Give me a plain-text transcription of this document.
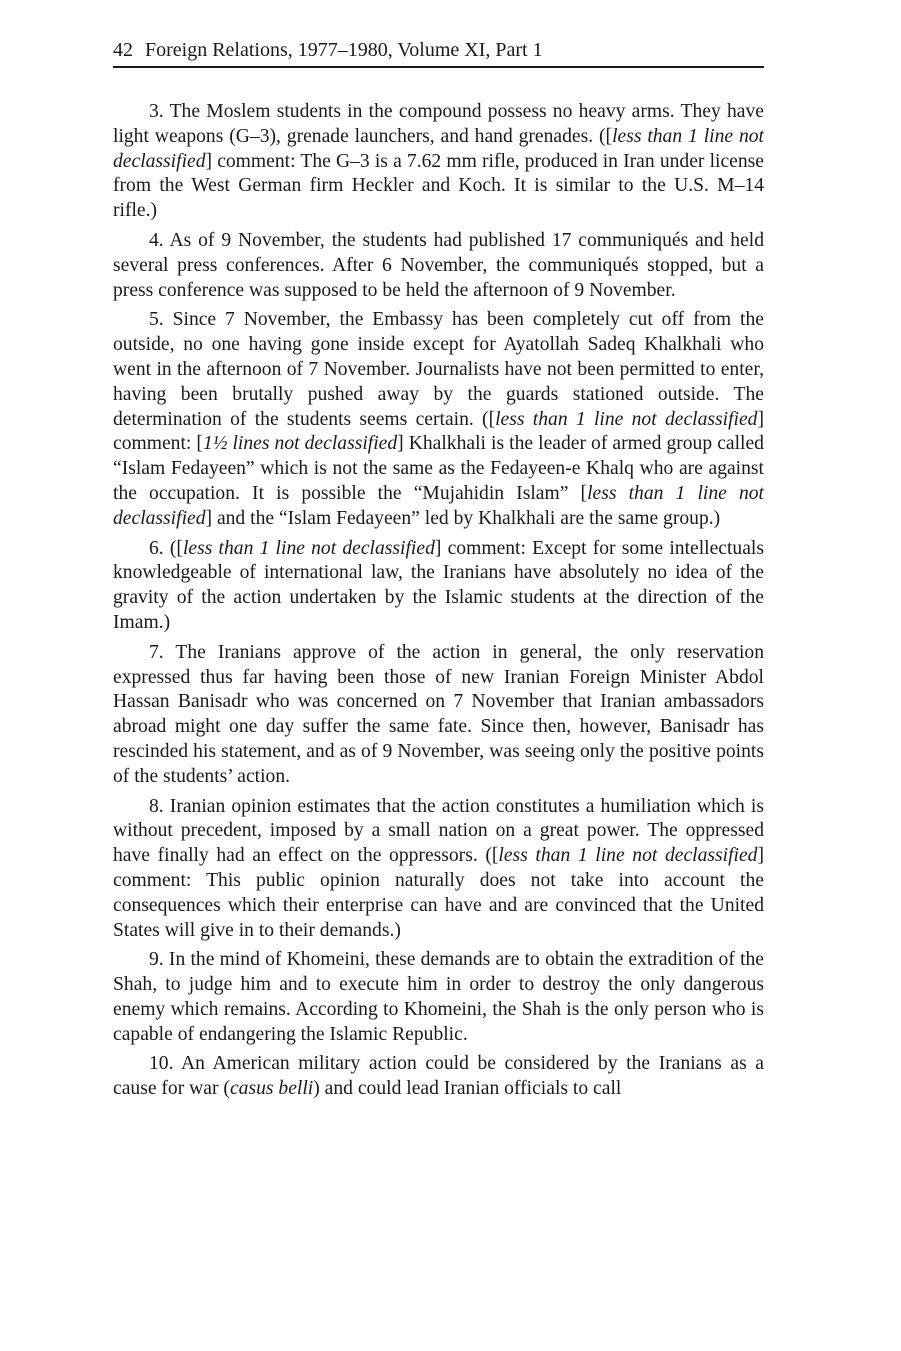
42 Foreign Relations, 1977–1980, Volume XI, Part 1

3. The Moslem students in the compound possess no heavy arms. They have light weapons (G–3), grenade launchers, and hand grenades. ([less than 1 line not declassified] comment: The G–3 is a 7.62 mm rifle, produced in Iran under license from the West German firm Heckler and Koch. It is similar to the U.S. M–14 rifle.)

4. As of 9 November, the students had published 17 communiqués and held several press conferences. After 6 November, the communiqués stopped, but a press conference was supposed to be held the afternoon of 9 November.

5. Since 7 November, the Embassy has been completely cut off from the outside, no one having gone inside except for Ayatollah Sadeq Khalkhali who went in the afternoon of 7 November. Journalists have not been permitted to enter, having been brutally pushed away by the guards stationed outside. The determination of the students seems certain. ([less than 1 line not declassified] comment: [1½ lines not declassified] Khalkhali is the leader of armed group called “Islam Fedayeen” which is not the same as the Fedayeen-e Khalq who are against the occupation. It is possible the “Mujahidin Islam” [less than 1 line not declassified] and the “Islam Fedayeen” led by Khalkhali are the same group.)

6. ([less than 1 line not declassified] comment: Except for some intellectuals knowledgeable of international law, the Iranians have absolutely no idea of the gravity of the action undertaken by the Islamic students at the direction of the Imam.)

7. The Iranians approve of the action in general, the only reservation expressed thus far having been those of new Iranian Foreign Minister Abdol Hassan Banisadr who was concerned on 7 November that Iranian ambassadors abroad might one day suffer the same fate. Since then, however, Banisadr has rescinded his statement, and as of 9 November, was seeing only the positive points of the students’ action.

8. Iranian opinion estimates that the action constitutes a humiliation which is without precedent, imposed by a small nation on a great power. The oppressed have finally had an effect on the oppressors. ([less than 1 line not declassified] comment: This public opinion naturally does not take into account the consequences which their enterprise can have and are convinced that the United States will give in to their demands.)

9. In the mind of Khomeini, these demands are to obtain the extradition of the Shah, to judge him and to execute him in order to destroy the only dangerous enemy which remains. According to Khomeini, the Shah is the only person who is capable of endangering the Islamic Republic.

10. An American military action could be considered by the Iranians as a cause for war (casus belli) and could lead Iranian officials to call
